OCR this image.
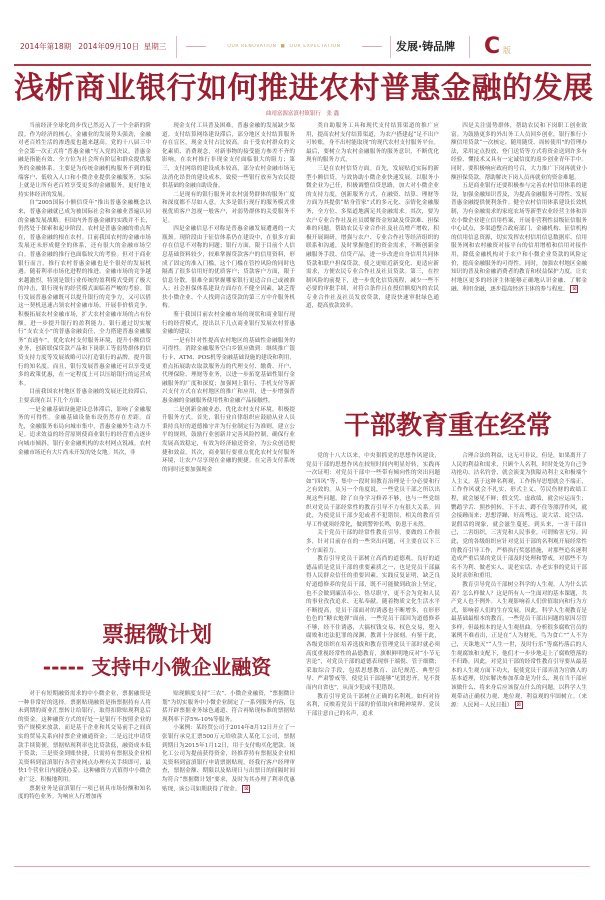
2014年第18期 2014年09月10日 星期三	OUR RENOVATION  ■  OUR EXPECTATION	发展·铸品牌 C 版
浅析商业银行如何推进农村普惠金融的发展
曲靖富源富滇村镇银行　张 鑫

当前经济全球化的步伐已然迈入了一个全新的阶段。作为经济的核心，金融业的发展势头强劲，金融对老百姓生活的渗透度也越来越高。党的十八届三中全会第一次正式将“普惠金融”写入党的决议。普惠金融是指能有效、全方位为社会所有阶层和群众提供服务的金融体系。主要是为传统金融机构服务不到的低端客户、低收入人口和小微企业提供金融服务。实际上就是让所有老百姓享受更多的金融服务，更好地支持实体经济的发展。

自“2005国际小额信贷年”推出普惠金融概念以来，普惠金融就已成为被国际社会和金融业普遍认同的金融发展战略。但国内外普惠金融的实践并不长，仍然处于探索和起步阶段。农村是普惠金融的重点所在，普惠金融的根在农村。目前我国农村的金融市场发展还未形成健全的体系，还有很大的金融市场空白。普惠金融的推行也面临较大的考验。但对于商业银行而言，推行农村普惠金融也是个很好的发展机遇。随着利率市场化进程的推进，金融市场的竞争越来越激烈，特别是银行业传统的盈利模式受到了极大的冲击，银行现有的经营模式面临着严峻的考验。银行发展普惠金融既可以提升银行的竞争力，又可以借这一契机迅速占领农村金融市场，开展非价格竞争，积极拓展农村金融市场，扩大农村金融市场的占有份额，进一步提升银行的盈利能力。银行通过切实履行“支农支小”的普惠金融责任，全力搭建普惠金融服务“直通车”，优化农村支付服务环境，提升小额信贷业务，创新联保贷款产品和下岗职工等弱势群体的信贷支持力度等发展战略可以打造银行的品牌，提升银行的知名度。而且，银行发展普惠金融还可以享受更多的政策优惠，在一定程度上可以压缩银行的运营成本。

目前我国农村地区普惠金融的发展还比较滞后，主要表现在以下几个方面：

一是金融基础设施建设总体滞后，影响了金融服务的可得性。金融基础设备布设仍然存在差距。首先，金融服务布局向城市集中，普惠金融外生动力不足。追求效益的经营原则使商业银行的经营重点逐步向城市倾斜，银行业金融机构的农村网点锐减。农村金融市场还有大片尚未开发的处女地。其次，非

现金支付工具普及困难，普惠金融的发展缺少渠道。支付结算网络建设滞后，部分地区支付结算服务存在盲区，现金支付占比较高。由于受农村群众的文化素质、消费观念，对新事物的接受能力参差不齐的影响，在农村推行非现金支付面临很大的阻力；第三，支付网络的建设成本较高，部分农村金融市场无法消化昂贵的建设成本，致使一些银行放弃为农民提供基础的金融自助设备。

二是现有的银行服务对农村弱势群体的服务广度和深度都不尽如人意。大多是银行现行的服务模式重视优质客户忽视一般客户，对弱势群体的关爱服务不足。

四是金融信息不对称是普惠金融发展遭遇的一大瓶颈。现阶段由于征信体系仍在建设中，在很多方面存在信息不对称的问题；银行方面，限于目前个人信息基础资料较少，较难掌握贷款客户的信用资料，形成了固定的准入门槛，这个门槛在管控风险的同时也隔离了很多信用好的优质客户；贷款客户方面，限于信息分散，很难全面掌握哪家银行更适合自己或被准入；社会担保体系建设方面存在不健全因素，缺乏帮扶小微企业、个人找到合适贷款的第三方中介服务机构。

鉴于我国目前农村金融市场的现状和商业银行现行的经营模式，提出以下几点商业银行发展农村普惠金融的建议：

一是有针对性提高农村地区的基础性金融服务的可得性。消除金融服务空白乡镇应做到：继续推广银行卡、ATM、POS机等金融基础设施的建设和利用，重点拓展助农取款服务点的代理支付、缴费、开户、代理保险、理财等业务，以进一步拓宽基础性银行金融服务的广度和深度；加强网上银行、手机支付等新兴支付方式在农村地区的推广和应用，进一步增强普惠金融的金融服务使用性和金融产品接触性。

二是创新金融业态，优化农村支付环境，积极提升服务方式。首先，银行业自律组织应鼓励从业人员秉持良好的道德操守并为行业制定行为准则，建立公平的规则，鼓励行业创新并完善风险控制，确保行业发展高效稳定，有效为经济输送资金，为公众创造便捷和效益。其次，商业银行要重点优化农村支付服务环境，让农户尽享现在金融的便捷。在完善支付系统的同时还要加强现金

类自助服务工具和现代支付结算渠道的推广应用，提高农村支付结算渠道，为农户搭建起“足不出户可转账，身不出村能取现”的现代农村支付服务平台。最后，要树立为农村金融服务的服务意识，不断优化现有的服务方式。

三是在农村信贷方面。首先，发展贴近实际的新型小额信贷，与效协助小微企业快速发展。以服务小微企业为己任，积极调整信贷思路，加大对小微企业的支持力度，创新服务方式，在融资、结算、理财等方面为其提供“贴身管家”式的多元化、亲情化金融服务，全方位、多渠道地满足其金融需求。其次，要为农户专业合作社及社员缓解资金短缺及贷款难、担保难的问题，帮助农民专业合作社及社员增产增收，积极开展调研，增强与农户、专业合作社等经济组织的联系和沟通，及时掌握他们的资金需求，不断创新金融服务手段、信贷产品，进一步改进自身信用共同体贷款和联户担保贷款，使之更贴近新变化、更适应新需求，方便农民专业合作社及社员贷款。第三，在控制风险的前提下，进一步优化信贷流程，减少一些不必要的审批手续，对符合条件且在授信额度内的农民专业合作社及社员发放贷款，建设快速审批绿色通道，提高放款效率。

四是关注弱势群体，帮助农民和下岗职工创业致富。为鼓励更多的外出务工人员回乡创业，银行推行小额信用贷款“一次核定、随用随贷、周转使用”的管理办法，采用定点投放、登门送贷等方式将资金送到许多有经验、懂技术又具有一定诚信度的返乡创业青年手中。同时，要积极响应政府的号召，大力推广下岗再就业小额担保贷款，帮助解决下岗人员再就业的资金难题。

五是商业银行还要积极参与完善农村信用体系的建设，加强金融知识普及，为提高金融服务可得性、发展普惠金融提供便利条件。健全农村信用体系建设长效机制，为有金融需求的家庭农场等新型农业经营主体和涉农小微企业建立信用档案，开展非营利性县级征信服务中心试点，多渠道整合政府部门、金融机构、征信机构的信用信息资源，切实发挥农村信用信息数据库、信用服务网和农村融资对接平台的信用增植和信用对接作用，降低金融机构对于农户和小微企业贷款的风险定价，提高金融服务的可得性。同时，加强农村地区金融知识的普及和金融消费者的教育和权益保护力度，让农村地区更多的经济主体能够正确地认识金融、了解金融、利用金融，逐步提高经济主体的参与程度。 ⊠

干部教育重在经常

党的十八大以来，中央狠抓党的思想作风建设，党员干部的思想作风在较短时间内明显好转，实践再一次证明：对党员干部中一些带有倾向性的突出问题如“四风”等，集中一段时间教育治理是十分必要和行之有效的。从另一个角度说，一些党员干部之所以出现这些问题，除了自身学习修养不够，也与一些党组织对党员干部经常性的教育引导不力有很大关系。因此，为使党员干部少犯或者不犯错误，相关的教育引导工作就须经常化，做到警钟长鸣，防患于未然。

关于党员干部的经常性教育引导，要做的工作很多，针对目前存在的一些突出问题，可主要在以下三个方面着力。

教育引导党员干部树立高尚的道德观。良好的道德品质是党员干部的重要素质之一，也是党员干部赢得人民群众信任的重要因素。实践反复证明，缺乏良好道德修养的党员干部，既不可能做到政治上坚定，也不会做到廉洁奉公、恪尽职守，更不会为党和人民的事业孜孜追求、无私奉献。随着物质文化生活水平不断提高，党员干部面对的诱惑也不断增多，在形形色色的“糖衣炮弹”面前，一些党员干部因为道德修养不够，经不住诱惑，大搞权钱交易、权色交易，堕入腐败和违法犯罪的深渊，教训十分深刻。有鉴于此，各级党组织在培养选拔和教育管理党员干部时就必须高度重视经常性的品德教育，旗帜鲜明地反对“小节无害论”，对党员干部的道德表现察于端倪、管于细微；采取综合手段，包括思想教育、法纪规范、典型引导、严肃警戒等，使党员干部能够“见贤思齐，见不贤而内自省也”，从而少犯或不犯错误。

教育引导党员干部树立正确的名利观。如何对待名利，反映着党员干部的价值取向和精神境界。党员干部注意自己的名声，追求

合理合法的利益，这无可非议，但是，如果离开了人民的利益和需求，只顾个人名利，时时处处为自己争功抢功、沽名钓誉，就会演变为狭隘功利主义和极端个人主义。基于这种名利观，工作指导思想就会不端正，工作作风就会不扎实，形式主义、劳民伤财的政绩工程，就会屡见不鲜；假文凭、虚政绩，就会应运而生；鹦鹉学舌、照抄照转，下不去、蹲不住等漂浮作风，就会接踵而来；思想浮躁，好高骛远，说大话、说空话、说假话的现象，就会滋生蔓延，到头来，一害干部自己，二害组织，三害党和人民事业，可谓贻害无穷。因此，党的各级组织应针对党员干部的名利观开展经常性的教育引导工作，严格执行奖惩措施，对那些追名逐利造成严重后果的党员干部及时处理和警戒，对那些不为名不为利、做老实人、说老实话、办老实事的党员干部及时表彰和重用。

教育引导党员干部树立科学的人生观。人为什么活着？怎么样做人？这是所有人一生面对的基本课题，共产党人也不例外。人生观影响着人们价值取向和行为方式，影响着人们的生存发展。因此，科学人生观教育是最基础最根本的教育。一些党员干部出问题的原因尽管多样，但最根本的是人生观扭曲。分析很多腐败官员的案例不难看出，正是在“人为财死，鸟为食亡”“人不为己，天诛地灭”“人生一世，及时行乐”等腐朽落后的人生观腐蚀和支配下，他们才一步步地走上了腐败堕落的不归路。因此，对党员干部的经常性教育引导要从最基本的人生观方面下功夫，促使党员干部弄清为官做人的基本道理，切实解决参加革命是为什么、现在当干部应该做什么、将来身后应该留点什么的问题，以科学人生观带动正确权力观、地位观、利益观的牢固树立。（来源：人民网－人民日报） ⊠

票据微计划
----- 支持中小微企业融资

对于有短期融资需求的中小微企业，票据融资是一种非常好的选择。票据贴现融资是指票据持有人将未到期的商业汇票转让给银行，取得扣除贴现利息后的资金。这种融资方式的好处一是银行不按照企业的资产规模来放款，而是基于企业和其交易前手之间真实的贸易关系向持票企业融通资金；二是远比申请贷款手续简便，票据贴现利率也比贷款低，融资成本低于贷款；三是资金到账快捷，只需持有票据及企业相关资料到富滇银行各营业网点办理有关手续即可，最快1个营业日内就能办妥。这种融资方式值得中小微企业广泛、积极地利用。

票据业务是富滇银行一项已初具市场份额和知名度的特色业务。为响应人行增加再

贴现额度支持“三农”、小微企业融资，“票据微计划”为切实服务中小微企业制定了一系列服务内容，包括开辟票据业务绿色通道、符合再贴现标准的票据贴现利率下浮5%-10%等服务。

小案例：某经贸公司于2014年8月12日开立了一张银行承兑汇票500万元给收款人某化工公司，票据到期日为2015年1月12日，用于支付购买化肥款。该化工公司为提前获得资金，经推荐持有票据及企业相关资料到富滇银行申请票据贴现，经我行客户经理审查，票据金额、期限以及贴现日与出票日的间隔时间均符合“票据微计划”要求，及时为其办理了利率优惠贴现，该公司如期获得了资金。 ⊠
